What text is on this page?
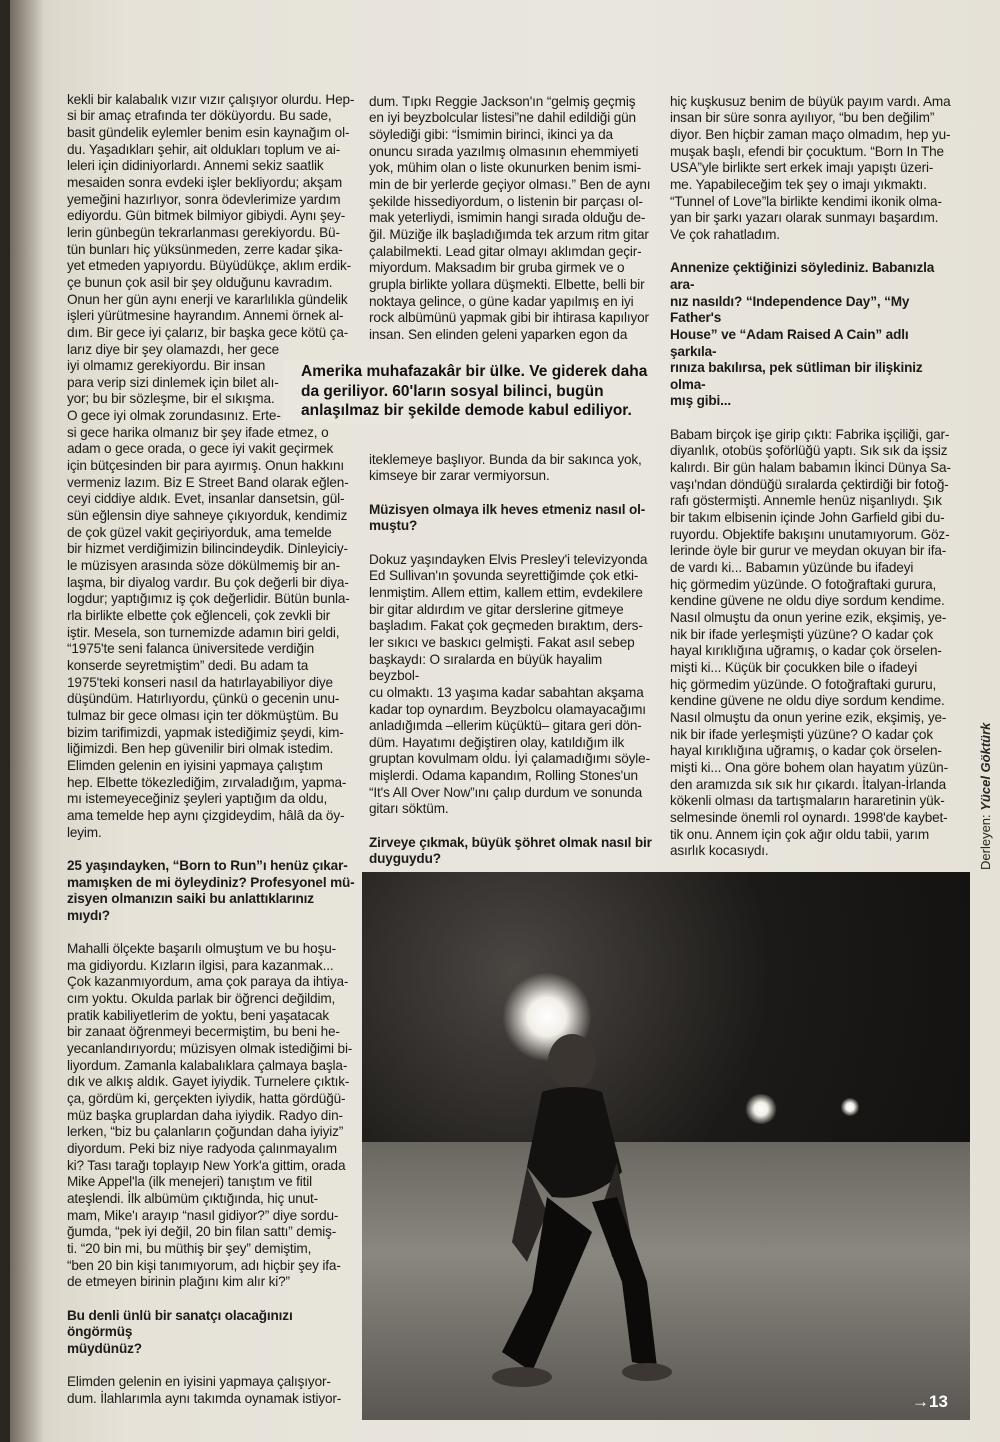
kekli bir kalabalık vızır vızır çalışıyor olurdu. Hep-
si bir amaç etrafında ter döküyordu. Bu sade,
basit gündelik eylemler benim esin kaynağım ol-
du. Yaşadıkları şehir, ait oldukları toplum ve ai-
leleri için didiniyorlardı. Annemi sekiz saatlik
mesaiden sonra evdeki işler bekliyordu; akşam
yemeğini hazırlıyor, sonra ödevlerimize yardım
ediyordu. Gün bitmek bilmiyor gibiydi. Aynı şey-
lerin günbegün tekrarlanması gerekiyordu. Bü-
tün bunları hiç yüksünmeden, zerre kadar şika-
yet etmeden yapıyordu. Büyüdükçe, aklım erdik-
çe bunun çok asil bir şey olduğunu kavradım.
Onun her gün aynı enerji ve kararlılıkla gündelik
işleri yürütmesine hayrandım. Annemi örnek al-
dım. Bir gece iyi çalarız, bir başka gece kötü ça-
larız diye bir şey olamazdı, her gece
iyi olmamız gerekiyordu. Bir insan
para verip sizi dinlemek için bilet alı-
yor; bu bir sözleşme, bir el sıkışma.
O gece iyi olmak zorundasınız. Erte-
si gece harika olmanız bir şey ifade etmez, o
adam o gece orada, o gece iyi vakit geçirmek
için bütçesinden bir para ayırmış. Onun hakkını
vermeniz lazım. Biz E Street Band olarak eğlen-
ceyi ciddiye aldık. Evet, insanlar dansetsin, gül-
sün eğlensin diye sahneye çıkıyorduk, kendimiz
de çok güzel vakit geçiriyorduk, ama temelde
bir hizmet verdiğimizin bilincindeydik. Dinleyiciy-
le müzisyen arasında söze dökülmemiş bir an-
laşma, bir diyalog vardır. Bu çok değerli bir diya-
logdur; yaptığımız iş çok değerlidir. Bütün bunla-
rla birlikte elbette çok eğlenceli, çok zevkli bir
iştir. Mesela, son turnemizde adamın biri geldi,
“1975'te seni falanca üniversitede verdiğin
konserde seyretmiştim” dedi. Bu adam ta
1975'teki konseri nasıl da hatırlayabiliyor diye
düşündüm. Hatırlıyordu, çünkü o gecenin unu-
tulmaz bir gece olması için ter dökmüştüm. Bu
bizim tarifimizdi, yapmak istediğimiz şeydi, kim-
liğimizdi. Ben hep güvenilir biri olmak istedim.
Elimden gelenin en iyisini yapmaya çalıştım
hep. Elbette tökezlediğim, zırvaladığım, yapma-
mı istemeyeceğiniz şeyleri yaptığım da oldu,
ama temelde hep aynı çizgideydim, hâlâ da öy-
leyim.

25 yaşındayken, “Born to Run”ı henüz çıkar-
mamışken de mi öyleydiniz? Profesyonel mü-
zisyen olmanızın saiki bu anlattıklarınız mıydı?

Mahalli ölçekte başarılı olmuştum ve bu hoşu-
ma gidiyordu. Kızların ilgisi, para kazanmak...
Çok kazanmıyordum, ama çok paraya da ihtiya-
cım yoktu. Okulda parlak bir öğrenci değildim,
pratik kabiliyetlerim de yoktu, beni yaşatacak
bir zanaat öğrenmeyi becermiştim, bu beni he-
yecanlandırıyordu; müzisyen olmak istediğimi bi-
liyordum. Zamanla kalabalıklara çalmaya başla-
dık ve alkış aldık. Gayet iyiydik. Turnelere çıktık-
ça, gördüm ki, gerçekten iyiydik, hatta gördüğü-
müz başka gruplardan daha iyiydik. Radyo din-
lerken, “biz bu çalanların çoğundan daha iyiyiz”
diyordum. Peki biz niye radyoda çalınmayalım
ki? Tası tarağı toplayıp New York'a gittim, orada
Mike Appel'la (ilk menejeri) tanıştım ve fitil
ateşlendi. İlk albümüm çıktığında, hiç unut-
mam, Mike'ı arayıp “nasıl gidiyor?” diye sordu-
ğumda, “pek iyi değil, 20 bin filan sattı” demiş-
ti. “20 bin mi, bu müthiş bir şey” demiştim,
“ben 20 bin kişi tanımıyorum, adı hiçbir şey ifa-
de etmeyen birinin plağını kim alır ki?”

Bu denli ünlü bir sanatçı olacağınızı öngörmüş
müydünüz?

Elimden gelenin en iyisini yapmaya çalışıyor-
dum. İlahlarımla aynı takımda oynamak istiyor-

dum. Tıpkı Reggie Jackson'ın “gelmiş geçmiş
en iyi beyzbolcular listesi”ne dahil edildiği gün
söylediği gibi: “İsmimin birinci, ikinci ya da
onuncu sırada yazılmış olmasının ehemmiyeti
yok, mühim olan o liste okunurken benim ismi-
min de bir yerlerde geçiyor olması.” Ben de aynı
şekilde hissediyordum, o listenin bir parçası ol-
mak yeterliydi, ismimin hangi sırada olduğu de-
ğil. Müziğe ilk başladığımda tek arzum ritm gitar
çalabilmekti. Lead gitar olmayı aklımdan geçir-
miyordum. Maksadım bir gruba girmek ve o
grupla birlikte yollara düşmekti. Elbette, belli bir
noktaya gelince, o güne kadar yapılmış en iyi
rock albümünü yapmak gibi bir ihtirasa kapılıyor
insan. Sen elinden geleni yaparken egon da

Amerika muhafazakâr bir ülke. Ve giderek daha
da geriliyor. 60'ların sosyal bilinci, bugün
anlaşılmaz bir şekilde demode kabul ediliyor.

iteklemeye başlıyor. Bunda da bir sakınca yok,
kimseye bir zarar vermiyorsun.

Müzisyen olmaya ilk heves etmeniz nasıl ol-
muştu?

Dokuz yaşındayken Elvis Presley'i televizyonda
Ed Sullivan'ın şovunda seyrettiğimde çok etki-
lenmiştim. Allem ettim, kallem ettim, evdekilere
bir gitar aldırdım ve gitar derslerine gitmeye
başladım. Fakat çok geçmeden bıraktım, ders-
ler sıkıcı ve baskıcı gelmişti. Fakat asıl sebep
başkaydı: O sıralarda en büyük hayalim beyzbol-
cu olmaktı. 13 yaşıma kadar sabahtan akşama
kadar top oynardım. Beyzbolcu olamayacağımı
anladığımda –ellerim küçüktü– gitara geri dön-
düm. Hayatımı değiştiren olay, katıldığım ilk
gruptan kovulmam oldu. İyi çalamadığımı söyle-
mişlerdi. Odama kapandım, Rolling Stones'un
“It's All Over Now”ını çalıp durdum ve sonunda
gitarı söktüm.

Zirveye çıkmak, büyük şöhret olmak nasıl bir
duyguydu?

hiç kuşkusuz benim de büyük payım vardı. Ama
insan bir süre sonra ayılıyor, “bu ben değilim”
diyor. Ben hiçbir zaman maço olmadım, hep yu-
muşak başlı, efendi bir çocuktum. “Born In The
USA”yle birlikte sert erkek imajı yapıştı üzeri-
me. Yapabileceğim tek şey o imajı yıkmaktı.
“Tunnel of Love”la birlikte kendimi ikonik olma-
yan bir şarkı yazarı olarak sunmayı başardım.
Ve çok rahatladım.

Annenize çektiğinizi söylediniz. Babanızla ara-
nız nasıldı? “Independence Day”, “My Father's
House” ve “Adam Raised A Cain” adlı şarkıla-
rınıza bakılırsa, pek sütliman bir ilişkiniz olma-
mış gibi...

Babam birçok işe girip çıktı: Fabrika işçiliği, gar-
diyanlık, otobüs şoförlüğü yaptı. Sık sık da işsiz
kalırdı. Bir gün halam babamın İkinci Dünya Sa-
vaşı'ndan döndüğü sıralarda çektirdiği bir fotoğ-
rafı göstermişti. Annemle henüz nişanlıydı. Şık
bir takım elbisenin içinde John Garfield gibi du-
ruyordu. Objektife bakışını unutamıyorum. Göz-
lerinde öyle bir gurur ve meydan okuyan bir ifa-
de vardı ki... Babamın yüzünde bu ifadeyi
hiç görmedim yüzünde. O fotoğraftaki gurura,
kendine güvene ne oldu diye sordum kendime.
Nasıl olmuştu da onun yerine ezik, ekşimiş, ye-
nik bir ifade yerleşmişti yüzüne? O kadar çok
hayal kırıklığına uğramış, o kadar çok örselen-
mişti ki... Küçük bir çocukken bile o ifadeyi
hiç görmedim yüzünde. O fotoğraftaki gururu,
kendine güvene ne oldu diye sordum kendime.
Nasıl olmuştu da onun yerine ezik, ekşimiş, ye-
nik bir ifade yerleşmişti yüzüne? O kadar çok
hayal kırıklığına uğramış, o kadar çok örselen-
mişti ki... Ona göre bohem olan hayatım yüzün-
den aramızda sık sık hır çıkardı. İtalyan-İrlanda
kökenli olması da tartışmaların hararetinin yük-
selmesinde önemli rol oynardı. 1998'de kaybet-
tik onu. Annem için çok ağır oldu tabii, yarım
asırlık kocasıydı.	Derleyen: Yücel Göktürk
→13
